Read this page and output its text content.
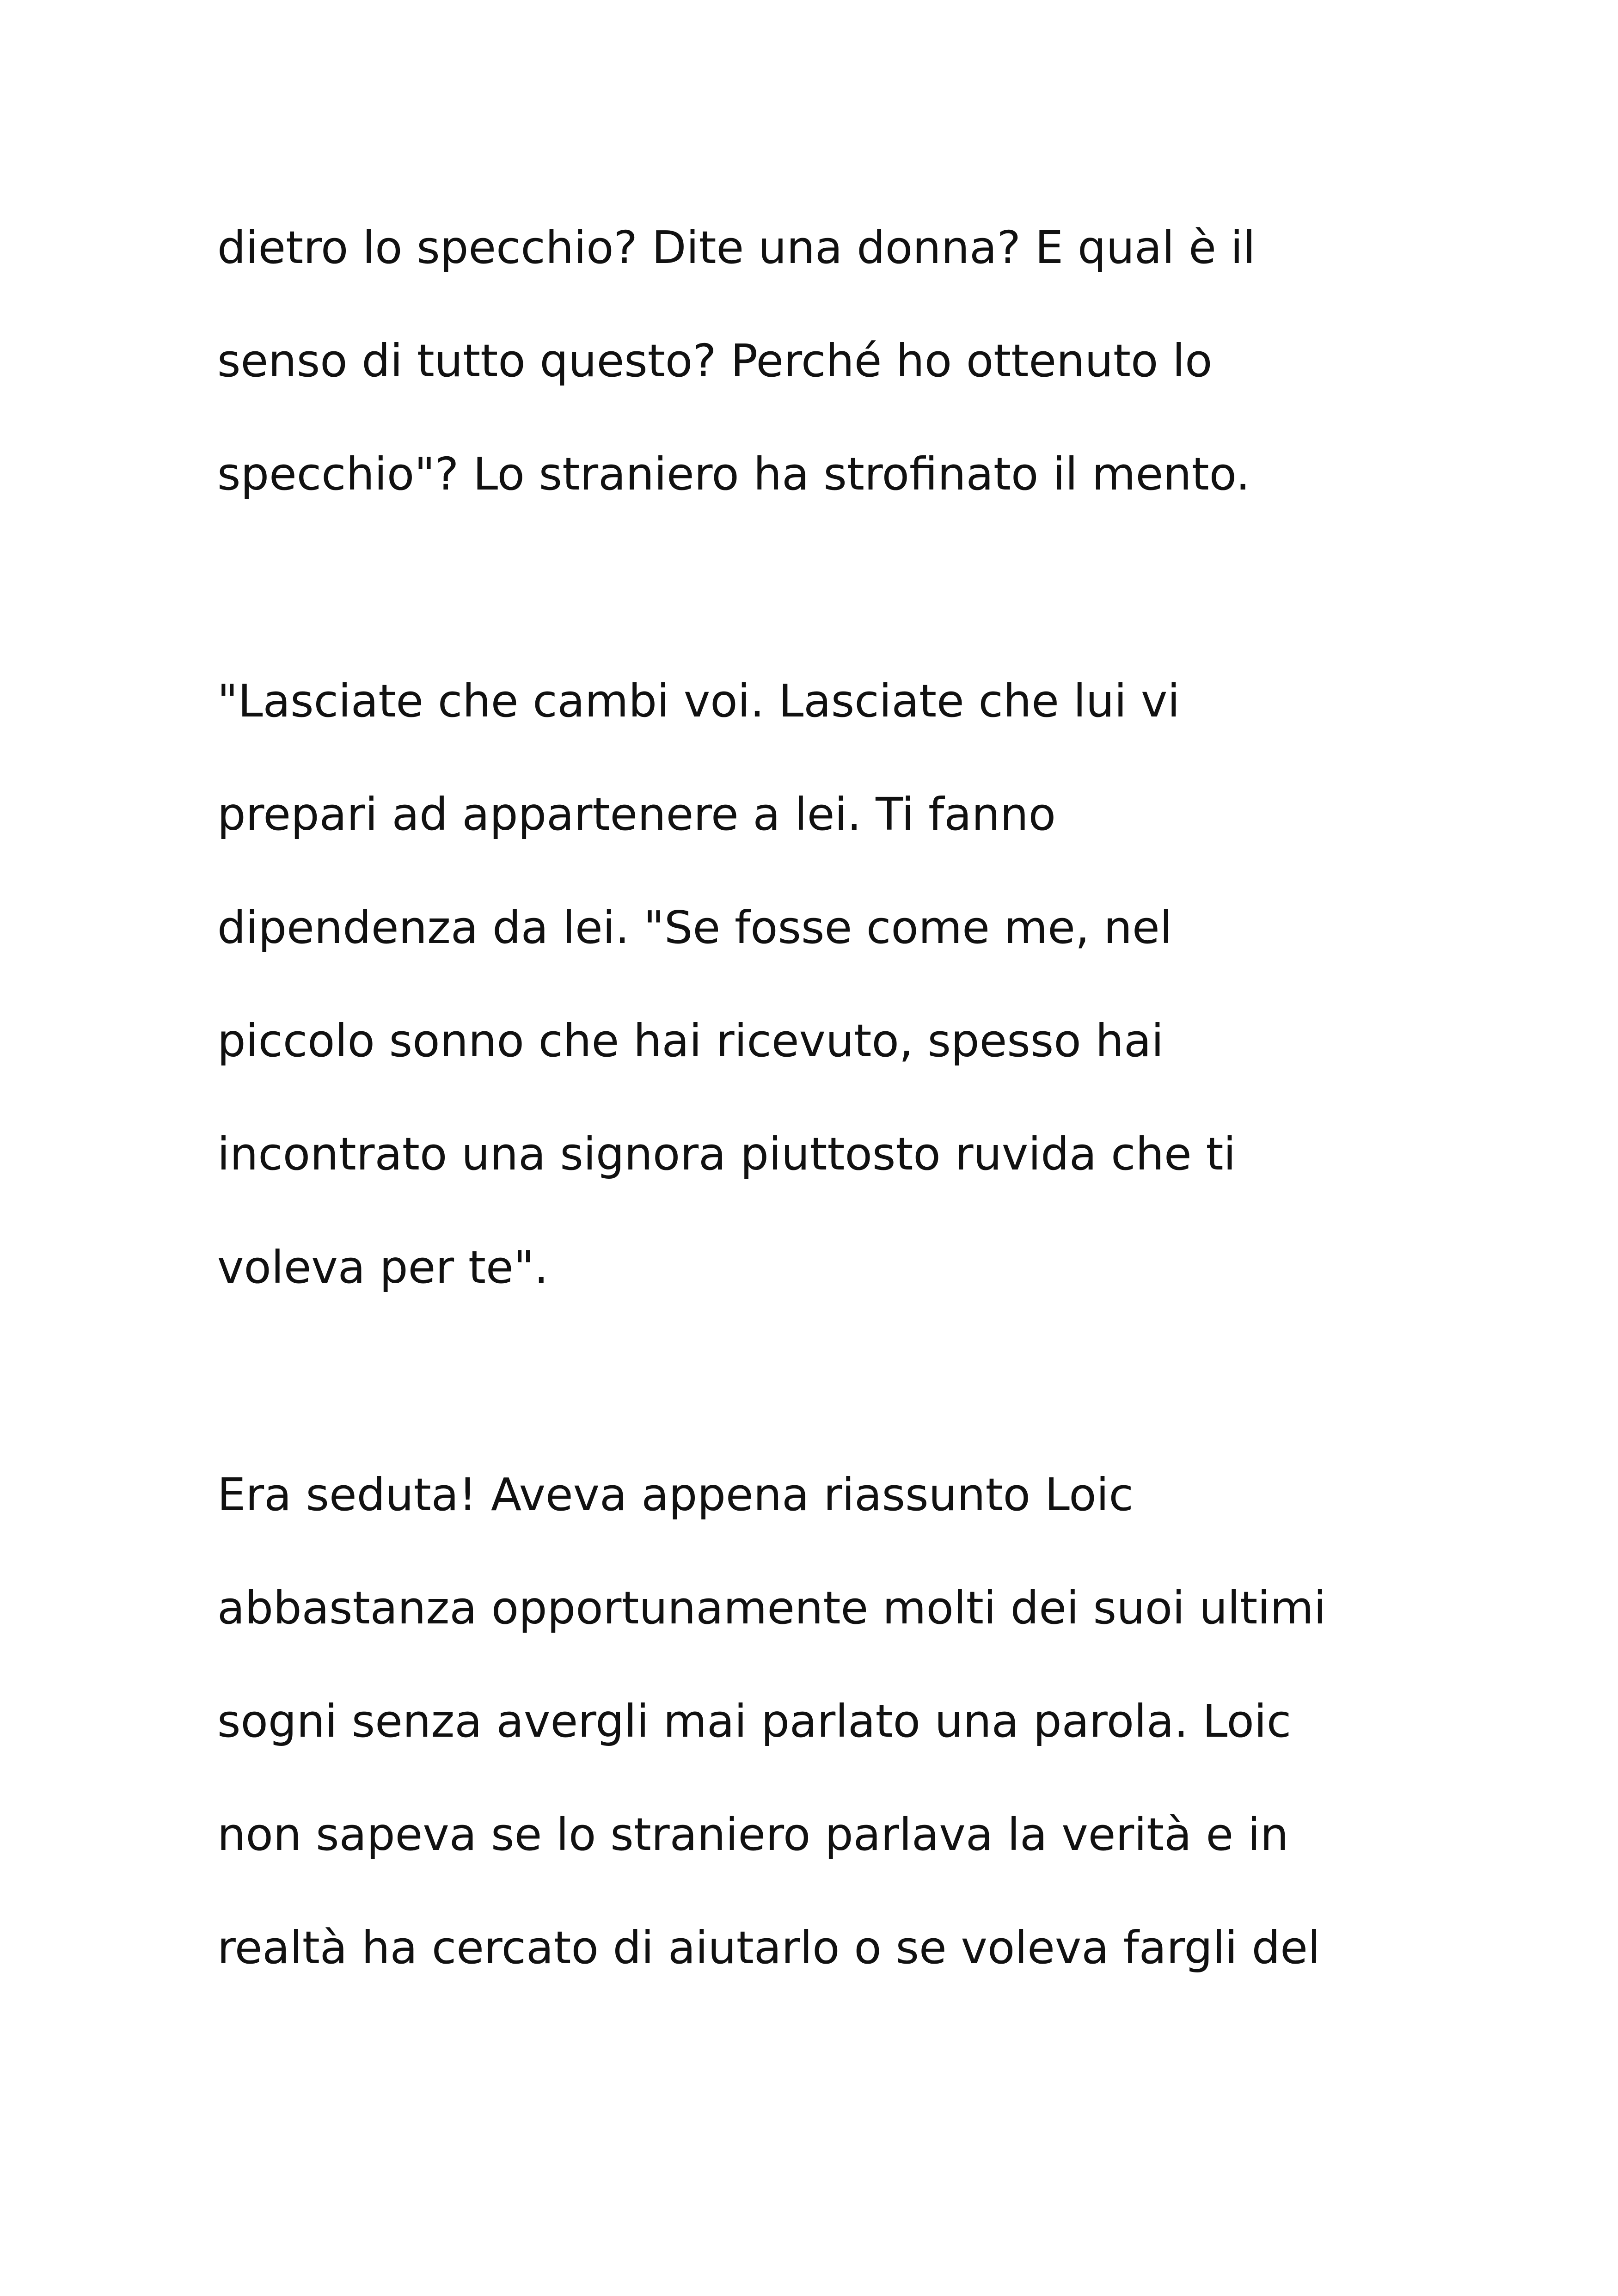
dietro lo specchio? Dite una donna? E qual è il
senso di tutto questo? Perché ho ottenuto lo
specchio"? Lo straniero ha strofinato il mento.
"Lasciate che cambi voi. Lasciate che lui vi
prepari ad appartenere a lei. Ti fanno
dipendenza da lei. "Se fosse come me, nel
piccolo sonno che hai ricevuto, spesso hai
incontrato una signora piuttosto ruvida che ti
voleva per te".
Era seduta! Aveva appena riassunto Loic
abbastanza opportunamente molti dei suoi ultimi
sogni senza avergli mai parlato una parola. Loic
non sapeva se lo straniero parlava la verità e in
realtà ha cercato di aiutarlo o se voleva fargli del
